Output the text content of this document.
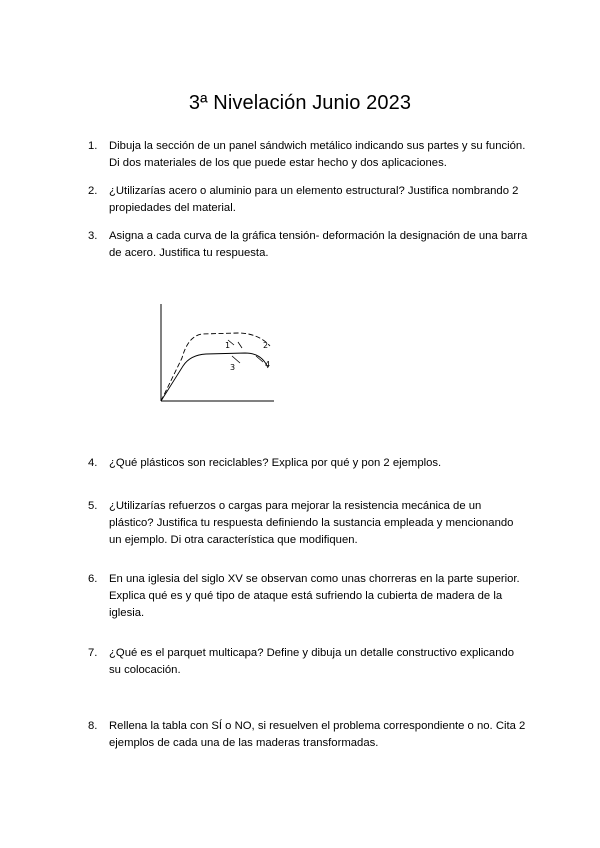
3ª Nivelación Junio 2023
1.	Dibuja la sección de un panel sándwich metálico indicando sus partes y su función. Di dos materiales de los que puede estar hecho y dos aplicaciones.
2.	¿Utilizarías acero o aluminio para un elemento estructural? Justifica nombrando 2 propiedades del material.
3.	Asigna a cada curva de la gráfica tensión- deformación la designación de una barra de acero. Justifica tu respuesta.
1	2
3	4
4.	¿Qué plásticos son reciclables? Explica por qué y pon 2 ejemplos.
5.	¿Utilizarías refuerzos o cargas para mejorar la resistencia mecánica de un plástico? Justifica tu respuesta definiendo la sustancia empleada y mencionando un ejemplo. Di otra característica que modifiquen.
6.	En una iglesia del siglo XV se observan como unas chorreras en la parte superior. Explica qué es y qué tipo de ataque está sufriendo la cubierta de madera de la iglesia.
7.	¿Qué es el parquet multicapa? Define y dibuja un detalle constructivo explicando su colocación.
8.	Rellena la tabla con SÍ o NO, si resuelven el problema correspondiente o no. Cita 2 ejemplos de cada una de las maderas transformadas.
